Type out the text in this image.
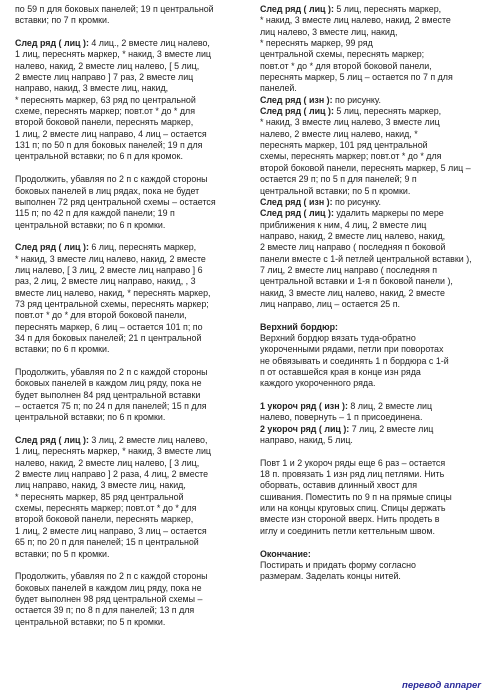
по 59 п для боковых панелей; 19 п центральной
вставки; по 7 п кромки.
След ряд ( лиц ): 4 лиц., 2 вместе лиц налево,
1 лиц, переснять маркер, * накид, 3 вместе лиц
налево, накид, 2 вместе лиц налево, [ 5 лиц,
2 вместе лиц направо ] 7 раз, 2 вместе лиц
направо, накид, 3 вместе лиц, накид,
* переснять маркер, 63 ряд по центральной
схеме, переснять маркер; повт.от * до * для
второй боковой панели, переснять маркер,
1 лиц, 2 вместе лиц направо, 4 лиц – остается
131 п; по 50 п для боковых панелей; 19 п для
центральной вставки; по 6 п для кромок.
Продолжить, убавляя по 2 п с каждой стороны
боковых панелей в лиц рядах, пока не будет
выполнен 72 ряд центральной схемы – остается
115 п; по 42 п для каждой панели; 19 п
центральной вставки; по 6 п кромки.
След ряд ( лиц ): 6 лиц, переснять маркер,
* накид, 3 вместе лиц налево, накид, 2 вместе
лиц налево, [ 3 лиц, 2 вместе лиц направо ] 6
раз, 2 лиц, 2 вместе лиц направо, накид, , 3
вместе лиц налево, накид, * переснять маркер,
73 ряд центральной схемы, переснять маркер;
повт.от * до * для второй боковой панели,
переснять маркер, 6 лиц – остается 101 п; по
34 п для боковых панелей; 21 п центральной
вставки; по 6 п кромки.
Продолжить, убавляя по 2 п с каждой стороны
боковых панелей в каждом лиц ряду, пока не
будет выполнен 84 ряд центральной вставки
– остается 75 п; по 24 п для панелей; 15 п для
центральной вставки; по 6 п кромки.
След ряд ( лиц ): 3 лиц, 2 вместе лиц налево,
1 лиц, переснять маркер, * накид, 3 вместе лиц
налево, накид, 2 вместе лиц налево, [ 3 лиц,
2 вместе лиц направо ] 2 раза, 4 лиц, 2 вместе
лиц направо, накид, 3 вместе лиц, накид,
* переснять маркер, 85 ряд центральной
схемы, переснять маркер; повт.от * до * для
второй боковой панели, переснять маркер,
1 лиц, 2 вместе лиц направо, 3 лиц – остается
65 п; по 20 п для панелей; 15 п центральной
вставки; по 5 п кромки.
Продолжить, убавляя по 2 п с каждой стороны
боковых панелей в каждом лиц ряду, пока не
будет выполнен 98 ряд центральной схемы –
остается 39 п; по 8 п для панелей; 13 п для
центральной вставки; по 5 п кромки.
След ряд ( лиц ): 5 лиц, переснять маркер,
* накид, 3 вместе лиц налево, накид, 2 вместе
лиц налево, 3 вместе лиц, накид,
* переснять маркер, 99 ряд
центральной схемы, переснять маркер;
повт.от * до * для второй боковой панели,
переснять маркер, 5 лиц – остается по 7 п для
панелей.
След ряд ( изн ): по рисунку.
След ряд ( лиц ): 5 лиц, переснять маркер,
* накид, 3 вместе лиц налево, 3 вместе лиц
налево, 2 вместе лиц налево, накид, *
переснять маркер, 101 ряд центральной
схемы, переснять маркер; повт.от * до * для
второй боковой панели, переснять маркер, 5 лиц –
остается 29 п; по 5 п для панелей; 9 п
центральной вставки; по 5 п кромки.
След ряд ( изн ): по рисунку.
След ряд ( лиц ): удалить маркеры по мере
приближения к ним, 4 лиц, 2 вместе лиц
направо, накид, 2 вместе лиц налево, накид,
2 вместе лиц направо ( последняя п боковой
панели вместе с 1-й петлей центральной вставки ),
7 лиц, 2 вместе лиц направо ( последняя п
центральной вставки и 1-я п боковой панели ),
накид, 3 вместе лиц налево, накид, 2 вместе
лиц направо, лиц – остается 25 п.
Верхний бордюр:
Верхний бордюр вязать туда-обратно
укороченными рядами, петли при поворотах
не обвязывать и соединять 1 п бордюра с 1-й
п от оставшейся края в конце изн ряда
каждого укороченного ряда.
1 укороч ряд ( изн ): 8 лиц, 2 вместе лиц
налево, повернуть – 1 п присоединена.
2 укороч ряд ( лиц ): 7 лиц, 2 вместе лиц
направо, накид, 5 лиц.
Повт 1 и 2 укороч ряды еще 6 раз – остается
18 п. провязать 1 изн ряд лиц петлями. Нить
оборвать, оставив длинный хвост для
сшивания. Поместить по 9 п на прямые спицы
или на концы круговых спиц. Спицы держать
вместе изн стороной вверх. Нить продеть в
иглу и соединить петли кеттельным швом.
Окончание:
Постирать и придать форму согласно
размерам. Заделать концы нитей.
перевод annaper
